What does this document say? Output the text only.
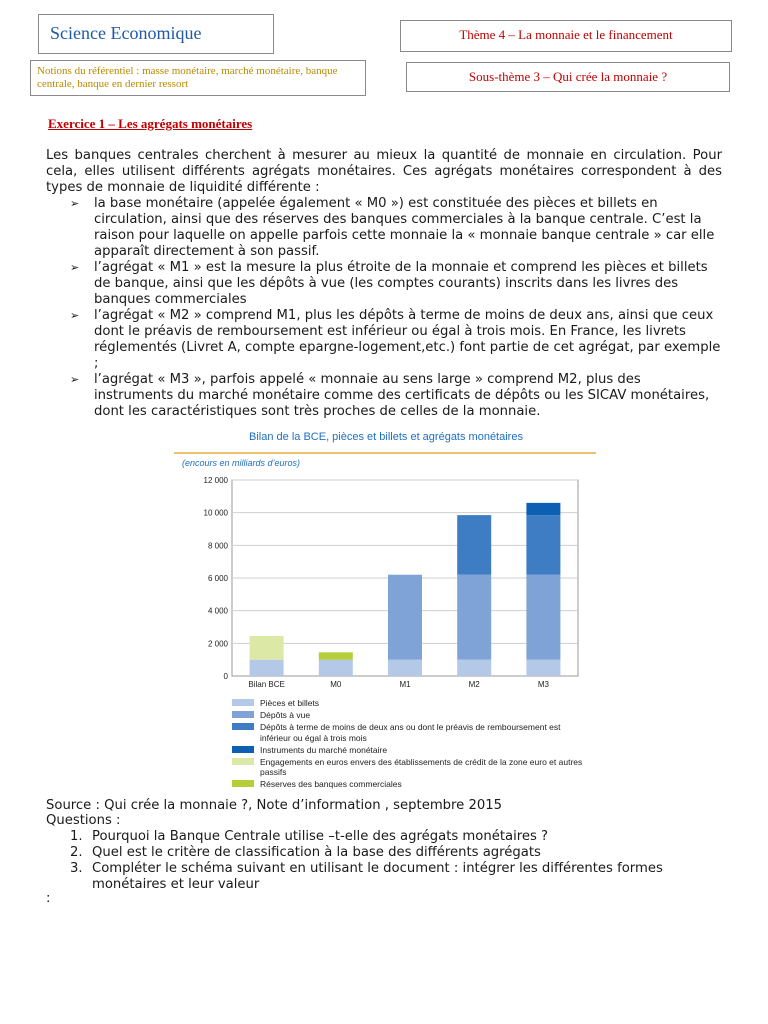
Science Economique	Thème 4 – La monnaie et le financement
Notions du référentiel : masse monétaire, marché monétaire, banque centrale, banque en dernier ressort	Sous-thème 3 – Qui crée la monnaie ?
Exercice 1 – Les agrégats monétaires

Les banques centrales cherchent à mesurer au mieux la quantité de monnaie en circulation. Pour cela, elles utilisent différents agrégats monétaires. Ces agrégats monétaires correspondent à des types de monnaie de liquidité différente :

➢ la base monétaire (appelée également « M0 ») est constituée des pièces et billets en circulation, ainsi que des réserves des banques commerciales à la banque centrale. C’est la raison pour laquelle on appelle parfois cette monnaie la « monnaie banque centrale » car elle apparaît directement à son passif.
➢ l’agrégat « M1 » est la mesure la plus étroite de la monnaie et comprend les pièces et billets de banque, ainsi que les dépôts à vue (les comptes courants) inscrits dans les livres des banques commerciales
➢ l’agrégat « M2 » comprend M1, plus les dépôts à terme de moins de deux ans, ainsi que ceux dont le préavis de remboursement est inférieur ou égal à trois mois. En France, les livrets réglementés (Livret A, compte epargne-logement,etc.) font partie de cet agrégat, par exemple ;
➢ l’agrégat « M3 », parfois appelé « monnaie au sens large » comprend M2, plus des instruments du marché monétaire comme des certificats de dépôts ou les SICAV monétaires, dont les caractéristiques sont très proches de celles de la monnaie.
Bilan de la BCE, pièces et billets et agrégats monétaires
(encours en milliards d’euros)
0
2 000
4 000
6 000
8 000
10 000
12 000
Bilan BCE	M0	M1	M2	M3
Pièces et billets
Dépôts à vue
Dépôts à terme de moins de deux ans ou dont le préavis de remboursement est inférieur ou égal à trois mois
Instruments du marché monétaire
Engagements en euros envers des établissements de crédit de la zone euro et autres passifs
Réserves des banques commerciales
Source : Qui crée la monnaie ?, Note d’information , septembre 2015
Questions :
1. Pourquoi la Banque Centrale utilise –t-elle des agrégats monétaires ?
2. Quel est le critère de classification à la base des différents agrégats
3. Compléter le schéma suivant en utilisant le document : intégrer les différentes formes monétaires et leur valeur
:
